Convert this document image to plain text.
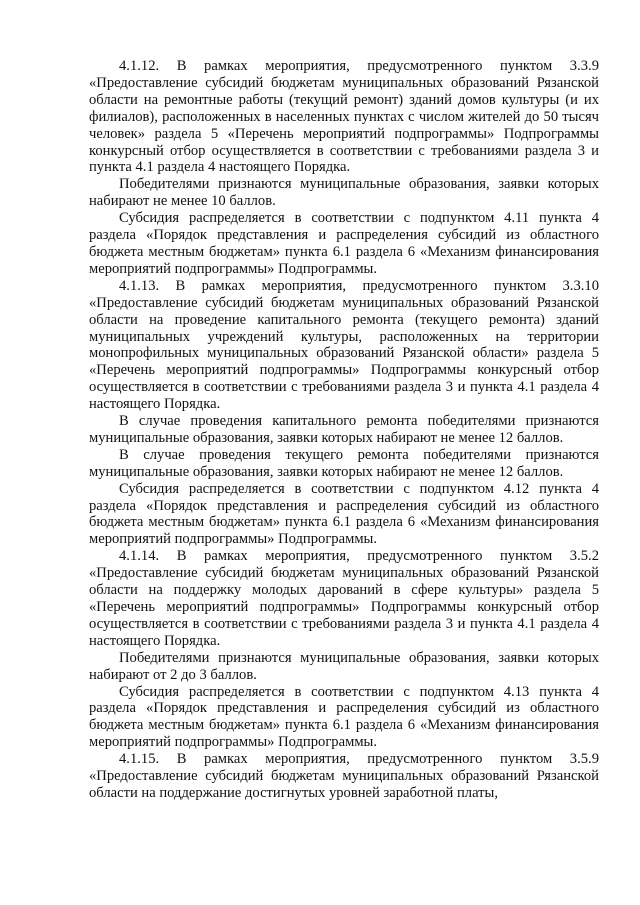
4.1.12. В рамках мероприятия, предусмотренного пунктом 3.3.9 «Предоставление субсидий бюджетам муниципальных образований Рязанской области на ремонтные работы (текущий ремонт) зданий домов культуры (и их филиалов), расположенных в населенных пунктах с числом жителей до 50 тысяч человек» раздела 5 «Перечень мероприятий подпрограммы» Подпрограммы конкурсный отбор осуществляется в соответствии с требованиями раздела 3 и пункта 4.1 раздела 4 настоящего Порядка.

Победителями признаются муниципальные образования, заявки которых набирают не менее 10 баллов.

Субсидия распределяется в соответствии с подпунктом 4.11 пункта 4 раздела «Порядок представления и распределения субсидий из областного бюджета местным бюджетам» пункта 6.1 раздела 6 «Механизм финансирования мероприятий подпрограммы» Подпрограммы.

4.1.13. В рамках мероприятия, предусмотренного пунктом 3.3.10 «Предоставление субсидий бюджетам муниципальных образований Рязанской области на проведение капитального ремонта (текущего ремонта) зданий муниципальных учреждений культуры, расположенных на территории монопрофильных муниципальных образований Рязанской области» раздела 5 «Перечень мероприятий подпрограммы» Подпрограммы конкурсный отбор осуществляется в соответствии с требованиями раздела 3 и пункта 4.1 раздела 4 настоящего Порядка.

В случае проведения капитального ремонта победителями признаются муниципальные образования, заявки которых набирают не менее 12 баллов.

В случае проведения текущего ремонта победителями признаются муниципальные образования, заявки которых набирают не менее 12 баллов.

Субсидия распределяется в соответствии с подпунктом 4.12 пункта 4 раздела «Порядок представления и распределения субсидий из областного бюджета местным бюджетам» пункта 6.1 раздела 6 «Механизм финансирования мероприятий подпрограммы» Подпрограммы.

4.1.14. В рамках мероприятия, предусмотренного пунктом 3.5.2 «Предоставление субсидий бюджетам муниципальных образований Рязанской области на поддержку молодых дарований в сфере культуры» раздела 5 «Перечень мероприятий подпрограммы» Подпрограммы конкурсный отбор осуществляется в соответствии с требованиями раздела 3 и пункта 4.1 раздела 4 настоящего Порядка.

Победителями признаются муниципальные образования, заявки которых набирают от 2 до 3 баллов.

Субсидия распределяется в соответствии с подпунктом 4.13 пункта 4 раздела «Порядок представления и распределения субсидий из областного бюджета местным бюджетам» пункта 6.1 раздела 6 «Механизм финансирования мероприятий подпрограммы» Подпрограммы.

4.1.15. В рамках мероприятия, предусмотренного пунктом 3.5.9 «Предоставление субсидий бюджетам муниципальных образований Рязанской области на поддержание достигнутых уровней заработной платы,
